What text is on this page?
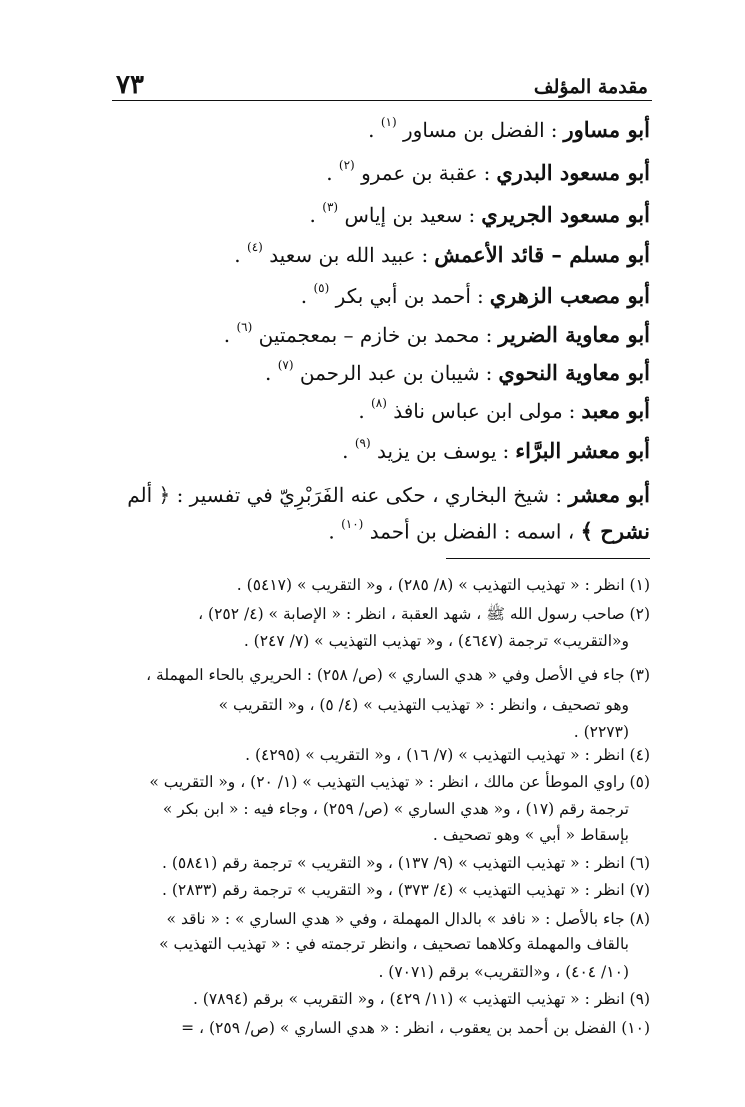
مقدمة المؤلف
٧٣
أبو مساور:الفضل بن مساور $^{(١)}$ .
أبو مسعود البدري:عقبة بن عمرو $^{(٢)}$ .
أبو مسعود الجريري:سعيد بن إياس $^{(٣)}$ .
أبو مسلم – قائد الأعمش:عبيد الله بن سعيد $^{(٤)}$ .
أبو مصعب الزهري:أحمد بن أبي بكر $^{(٥)}$ .
أبو معاوية الضرير:محمد بن خازم – بمعجمتين $^{(٦)}$ .
أبو معاوية النحوي:شيبان بن عبد الرحمن $^{(٧)}$ .
أبو معبد:مولى ابن عباس نافذ $^{(٨)}$ .
أبو معشر البرَّاء:يوسف بن يزيد $^{(٩)}$ .
أبو معشر : شيخ البخاري ، حكى عنه الفَرَبْرِيّ في تفسير : ﴿ ألم
نشرح ﴾ ، اسمه : الفضل بن أحمد $^{(١٠)}$ .
(١) انظر : « تهذيب التهذيب » (٨/ ٢٨٥) ، و« التقريب » (٥٤١٧) .
(٢) صاحب رسول الله ﷺ ، شهد العقبة ، انظر : « الإصابة » (٤/ ٢٥٢) ،
و«التقريب» ترجمة (٤٦٤٧) ، و« تهذيب التهذيب » (٧/ ٢٤٧) .
(٣) جاء في الأصل وفي « هدي الساري » (ص/ ٢٥٨) : الحريري بالحاء المهملة ،
وهو تصحيف ، وانظر : « تهذيب التهذيب » (٤/ ٥) ، و« التقريب »
(٢٢٧٣) .
(٤) انظر : « تهذيب التهذيب » (٧/ ١٦) ، و« التقريب » (٤٢٩٥) .
(٥) راوي الموطأ عن مالك ، انظر : « تهذيب التهذيب » (١/ ٢٠) ، و« التقريب »
ترجمة رقم (١٧) ، و« هدي الساري » (ص/ ٢٥٩) ، وجاء فيه : « ابن بكر »
بإسقاط « أبي » وهو تصحيف .
(٦) انظر : « تهذيب التهذيب » (٩/ ١٣٧) ، و« التقريب » ترجمة رقم (٥٨٤١) .
(٧) انظر : « تهذيب التهذيب » (٤/ ٣٧٣) ، و« التقريب » ترجمة رقم (٢٨٣٣) .
(٨) جاء بالأصل : « نافد » بالدال المهملة ، وفي « هدي الساري » : « ناقد »
بالقاف والمهملة وكلاهما تصحيف ، وانظر ترجمته في : « تهذيب التهذيب »
(١٠/ ٤٠٤) ، و«التقريب» برقم (٧٠٧١) .
(٩) انظر : « تهذيب التهذيب » (١١/ ٤٢٩) ، و« التقريب » برقم (٧٨٩٤) .
(١٠) الفضل بن أحمد بن يعقوب ، انظر : « هدي الساري » (ص/ ٢٥٩) ، =
